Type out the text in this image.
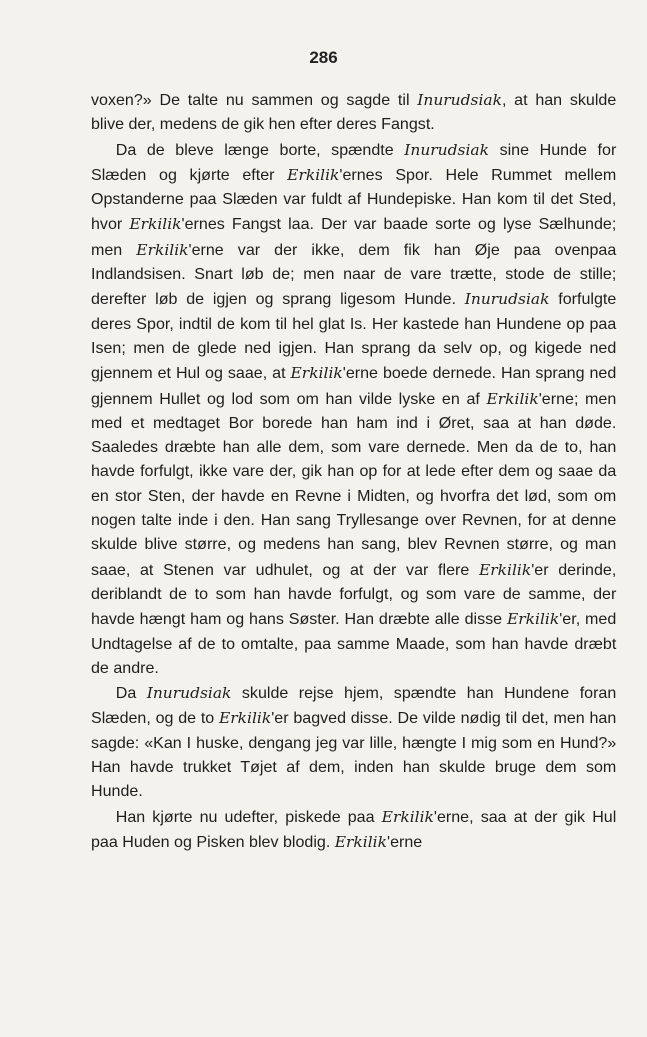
286

voxen?» De talte nu sammen og sagde til Inurudsiak, at han skulde blive der, medens de gik hen efter deres Fangst.

Da de bleve længe borte, spændte Inurudsiak sine Hunde for Slæden og kjørte efter Erkilik'ernes Spor. Hele Rummet mellem Opstanderne paa Slæden var fuldt af Hundepiske. Han kom til det Sted, hvor Erkilik'ernes Fangst laa. Der var baade sorte og lyse Sælhunde; men Erkilik'erne var der ikke, dem fik han Øje paa ovenpaa Indlandsisen. Snart løb de; men naar de vare trætte, stode de stille; derefter løb de igjen og sprang ligesom Hunde. Inurudsiak forfulgte deres Spor, indtil de kom til hel glat Is. Her kastede han Hundene op paa Isen; men de glede ned igjen. Han sprang da selv op, og kigede ned gjennem et Hul og saae, at Erkilik'erne boede dernede. Han sprang ned gjennem Hullet og lod som om han vilde lyske en af Erkilik'erne; men med et medtaget Bor borede han ham ind i Øret, saa at han døde. Saaledes dræbte han alle dem, som vare dernede. Men da de to, han havde forfulgt, ikke vare der, gik han op for at lede efter dem og saae da en stor Sten, der havde en Revne i Midten, og hvorfra det lød, som om nogen talte inde i den. Han sang Tryllesange over Revnen, for at denne skulde blive større, og medens han sang, blev Revnen større, og man saae, at Stenen var udhulet, og at der var flere Erkilik'er derinde, deriblandt de to som han havde forfulgt, og som vare de samme, der havde hængt ham og hans Søster. Han dræbte alle disse Erkilik'er, med Undtagelse af de to omtalte, paa samme Maade, som han havde dræbt de andre.

Da Inurudsiak skulde rejse hjem, spændte han Hundene foran Slæden, og de to Erkilik'er bagved disse. De vilde nødig til det, men han sagde: «Kan I huske, dengang jeg var lille, hængte I mig som en Hund?» Han havde trukket Tøjet af dem, inden han skulde bruge dem som Hunde.

Han kjørte nu udefter, piskede paa Erkilik'erne, saa at der gik Hul paa Huden og Pisken blev blodig. Erkilik'erne
